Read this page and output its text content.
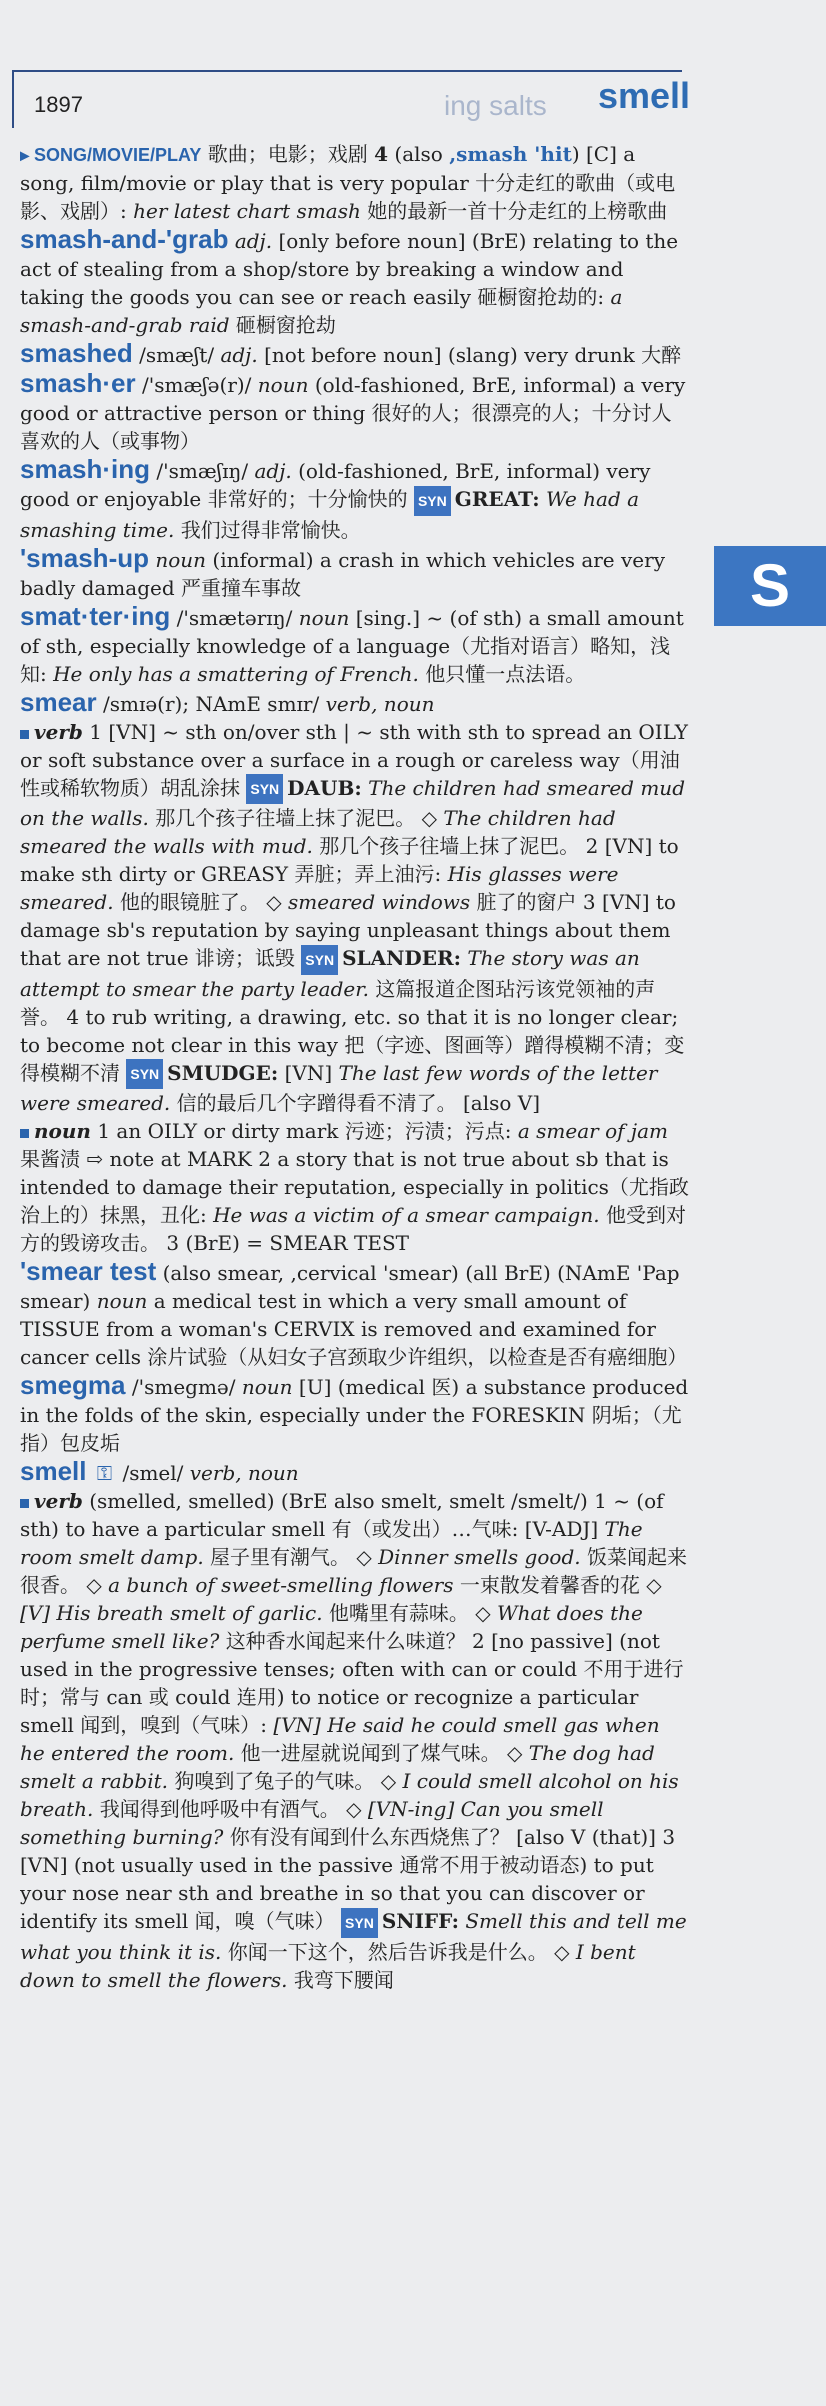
1897	ing salts smell
S

▸ SONG/MOVIE/PLAY 歌曲；电影；戏剧 4 (also ,smash 'hit) [C] a song, film/movie or play that is very popular 十分走红的歌曲（或电影、戏剧）: her latest chart smash 她的最新一首十分走红的上榜歌曲

smash-and-'grab adj. [only before noun] (BrE) relating to the act of stealing from a shop/store by breaking a window and taking the goods you can see or reach easily 砸橱窗抢劫的: a smash-and-grab raid 砸橱窗抢劫

smashed /smæʃt/ adj. [not before noun] (slang) very drunk 大醉

smash·er /'smæʃə(r)/ noun (old-fashioned, BrE, informal) a very good or attractive person or thing 很好的人；很漂亮的人；十分讨人喜欢的人（或事物）

smash·ing /'smæʃɪŋ/ adj. (old-fashioned, BrE, informal) very good or enjoyable 非常好的；十分愉快的 SYN GREAT: We had a smashing time. 我们过得非常愉快。

'smash-up noun (informal) a crash in which vehicles are very badly damaged 严重撞车事故

smat·ter·ing /'smætərɪŋ/ noun [sing.] ~ (of sth) a small amount of sth, especially knowledge of a language（尤指对语言）略知，浅知: He only has a smattering of French. 他只懂一点法语。

smear /smɪə(r); NAmE smɪr/ verb, noun

verb 1 [VN] ~ sth on/over sth | ~ sth with sth to spread an OILY or soft substance over a surface in a rough or careless way（用油性或稀软物质）胡乱涂抹 SYN DAUB: The children had smeared mud on the walls. 那几个孩子往墙上抹了泥巴。 ◇ The children had smeared the walls with mud. 那几个孩子往墙上抹了泥巴。 2 [VN] to make sth dirty or GREASY 弄脏；弄上油污: His glasses were smeared. 他的眼镜脏了。 ◇ smeared windows 脏了的窗户 3 [VN] to damage sb's reputation by saying unpleasant things about them that are not true 诽谤；诋毁 SYN SLANDER: The story was an attempt to smear the party leader. 这篇报道企图玷污该党领袖的声誉。 4 to rub writing, a drawing, etc. so that it is no longer clear; to become not clear in this way 把（字迹、图画等）蹭得模糊不清；变得模糊不清 SYN SMUDGE: [VN] The last few words of the letter were smeared. 信的最后几个字蹭得看不清了。 [also V]

noun 1 an OILY or dirty mark 污迹；污渍；污点: a smear of jam 果酱渍 ⇨ note at MARK 2 a story that is not true about sb that is intended to damage their reputation, especially in politics（尤指政治上的）抹黑，丑化: He was a victim of a smear campaign. 他受到对方的毁谤攻击。 3 (BrE) = SMEAR TEST

'smear test (also smear, ,cervical 'smear) (all BrE) (NAmE 'Pap smear) noun a medical test in which a very small amount of TISSUE from a woman's CERVIX is removed and examined for cancer cells 涂片试验（从妇女子宫颈取少许组织，以检查是否有癌细胞）

smegma /'smegmə/ noun [U] (medical 医) a substance produced in the folds of the skin, especially under the FORESKIN 阴垢；（尤指）包皮垢

smell ⚿ /smel/ verb, noun

verb (smelled, smelled) (BrE also smelt, smelt /smelt/) 1 ~ (of sth) to have a particular smell 有（或发出）…气味: [V-ADJ] The room smelt damp. 屋子里有潮气。 ◇ Dinner smells good. 饭菜闻起来很香。 ◇ a bunch of sweet-smelling flowers 一束散发着馨香的花 ◇ [V] His breath smelt of garlic. 他嘴里有蒜味。 ◇ What does the perfume smell like? 这种香水闻起来什么味道？ 2 [no passive] (not used in the progressive tenses; often with can or could 不用于进行时；常与 can 或 could 连用) to notice or recognize a particular smell 闻到，嗅到（气味）: [VN] He said he could smell gas when he entered the room. 他一进屋就说闻到了煤气味。 ◇ The dog had smelt a rabbit. 狗嗅到了兔子的气味。 ◇ I could smell alcohol on his breath. 我闻得到他呼吸中有酒气。 ◇ [VN-ing] Can you smell something burning? 你有没有闻到什么东西烧焦了？ [also V (that)] 3 [VN] (not usually used in the passive 通常不用于被动语态) to put your nose near sth and breathe in so that you can discover or identify its smell 闻，嗅（气味） SYN SNIFF: Smell this and tell me what you think it is. 你闻一下这个，然后告诉我是什么。 ◇ I bent down to smell the flowers. 我弯下腰闻
